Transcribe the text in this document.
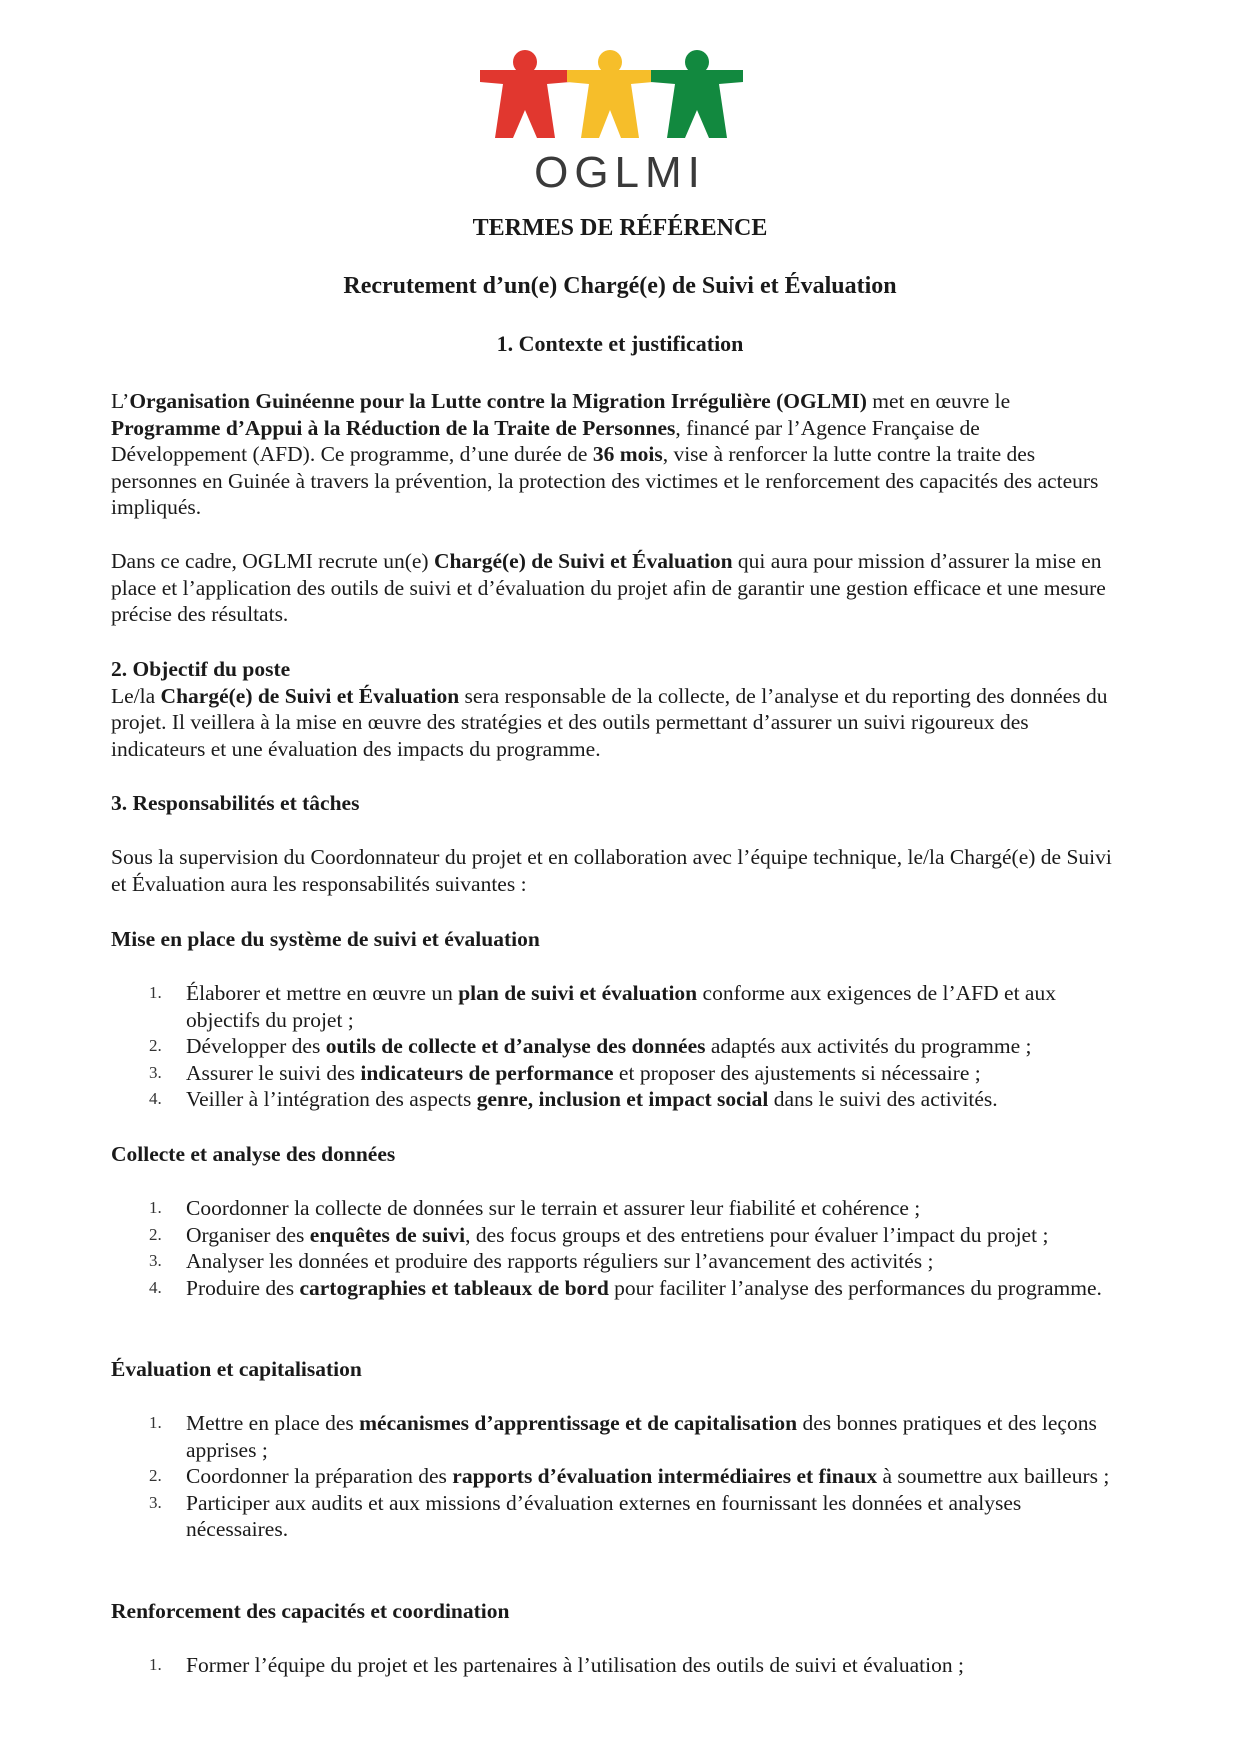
OGLMI
TERMES DE RÉFÉRENCE
Recrutement d’un(e) Chargé(e) de Suivi et Évaluation
1. Contexte et justification

L’Organisation Guinéenne pour la Lutte contre la Migration Irrégulière (OGLMI) met en œuvre le Programme d’Appui à la Réduction de la Traite de Personnes, financé par l’Agence Française de Développement (AFD). Ce programme, d’une durée de 36 mois, vise à renforcer la lutte contre la traite des personnes en Guinée à travers la prévention, la protection des victimes et le renforcement des capacités des acteurs impliqués.

Dans ce cadre, OGLMI recrute un(e) Chargé(e) de Suivi et Évaluation qui aura pour mission d’assurer la mise en place et l’application des outils de suivi et d’évaluation du projet afin de garantir une gestion efficace et une mesure précise des résultats.

2. Objectif du poste

Le/la Chargé(e) de Suivi et Évaluation sera responsable de la collecte, de l’analyse et du reporting des données du projet. Il veillera à la mise en œuvre des stratégies et des outils permettant d’assurer un suivi rigoureux des indicateurs et une évaluation des impacts du programme.

3. Responsabilités et tâches

Sous la supervision du Coordonnateur du projet et en collaboration avec l’équipe technique, le/la Chargé(e) de Suivi et Évaluation aura les responsabilités suivantes :

Mise en place du système de suivi et évaluation

1. Élaborer et mettre en œuvre un plan de suivi et évaluation conforme aux exigences de l’AFD et aux objectifs du projet ;
2. Développer des outils de collecte et d’analyse des données adaptés aux activités du programme ;
3. Assurer le suivi des indicateurs de performance et proposer des ajustements si nécessaire ;
4. Veiller à l’intégration des aspects genre, inclusion et impact social dans le suivi des activités.

Collecte et analyse des données

1. Coordonner la collecte de données sur le terrain et assurer leur fiabilité et cohérence ;
2. Organiser des enquêtes de suivi, des focus groups et des entretiens pour évaluer l’impact du projet ;
3. Analyser les données et produire des rapports réguliers sur l’avancement des activités ;
4. Produire des cartographies et tableaux de bord pour faciliter l’analyse des performances du programme.

Évaluation et capitalisation

1. Mettre en place des mécanismes d’apprentissage et de capitalisation des bonnes pratiques et des leçons apprises ;
2. Coordonner la préparation des rapports d’évaluation intermédiaires et finaux à soumettre aux bailleurs ;
3. Participer aux audits et aux missions d’évaluation externes en fournissant les données et analyses nécessaires.

Renforcement des capacités et coordination

1. Former l’équipe du projet et les partenaires à l’utilisation des outils de suivi et évaluation ;
